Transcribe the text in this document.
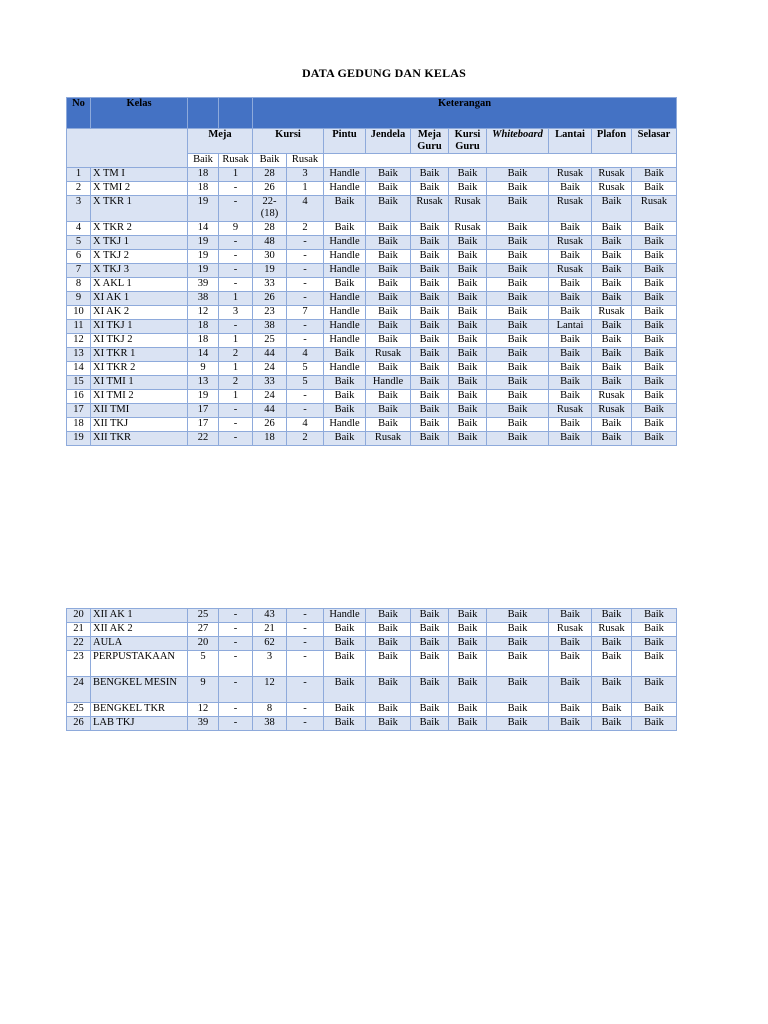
DATA GEDUNG DAN KELAS
No	Kelas			Keterangan									
		Meja		Kursi		Pintu	Jendela	Meja Guru	Kursi Guru	Whiteboard	Lantai	Plafon	Selasar
		Baik	Rusak	Baik	Rusak								
1	X TM I	18	1	28	3	Handle	Baik	Baik	Baik	Baik	Rusak	Rusak	Baik
2	X TMI 2	18	-	26	1	Handle	Baik	Baik	Baik	Baik	Baik	Rusak	Baik
3	X TKR 1	19	-	22-(18)	4	Baik	Baik	Rusak	Rusak	Baik	Rusak	Baik	Rusak
4	X TKR 2	14	9	28	2	Baik	Baik	Baik	Rusak	Baik	Baik	Baik	Baik
5	X TKJ 1	19	-	48	-	Handle	Baik	Baik	Baik	Baik	Rusak	Baik	Baik
6	X TKJ 2	19	-	30	-	Handle	Baik	Baik	Baik	Baik	Baik	Baik	Baik
7	X TKJ 3	19	-	19	-	Handle	Baik	Baik	Baik	Baik	Rusak	Baik	Baik
8	X AKL 1	39	-	33	-	Baik	Baik	Baik	Baik	Baik	Baik	Baik	Baik
9	XI AK 1	38	1	26	-	Handle	Baik	Baik	Baik	Baik	Baik	Baik	Baik
10	XI AK 2	12	3	23	7	Handle	Baik	Baik	Baik	Baik	Baik	Rusak	Baik
11	XI TKJ 1	18	-	38	-	Handle	Baik	Baik	Baik	Baik	Lantai	Baik	Baik
12	XI TKJ 2	18	1	25	-	Handle	Baik	Baik	Baik	Baik	Baik	Baik	Baik
13	XI TKR 1	14	2	44	4	Baik	Rusak	Baik	Baik	Baik	Baik	Baik	Baik
14	XI TKR 2	9	1	24	5	Handle	Baik	Baik	Baik	Baik	Baik	Baik	Baik
15	XI TMI 1	13	2	33	5	Baik	Handle	Baik	Baik	Baik	Baik	Baik	Baik
16	XI TMI 2	19	1	24	-	Baik	Baik	Baik	Baik	Baik	Baik	Rusak	Baik
17	XII TMI	17	-	44	-	Baik	Baik	Baik	Baik	Baik	Rusak	Rusak	Baik
18	XII TKJ	17	-	26	4	Handle	Baik	Baik	Baik	Baik	Baik	Baik	Baik
19	XII TKR	22	-	18	2	Baik	Rusak	Baik	Baik	Baik	Baik	Baik	Baik
20	XII AK 1	25	-	43	-	Handle	Baik	Baik	Baik	Baik	Baik	Baik	Baik
21	XII AK 2	27	-	21	-	Baik	Baik	Baik	Baik	Baik	Rusak	Rusak	Baik
22	AULA	20	-	62	-	Baik	Baik	Baik	Baik	Baik	Baik	Baik	Baik
23	PERPUSTAKAAN	5	-	3	-	Baik	Baik	Baik	Baik	Baik	Baik	Baik	Baik
24	BENGKEL MESIN	9	-	12	-	Baik	Baik	Baik	Baik	Baik	Baik	Baik	Baik
25	BENGKEL TKR	12	-	8	-	Baik	Baik	Baik	Baik	Baik	Baik	Baik	Baik
26	LAB TKJ	39	-	38	-	Baik	Baik	Baik	Baik	Baik	Baik	Baik	Baik
